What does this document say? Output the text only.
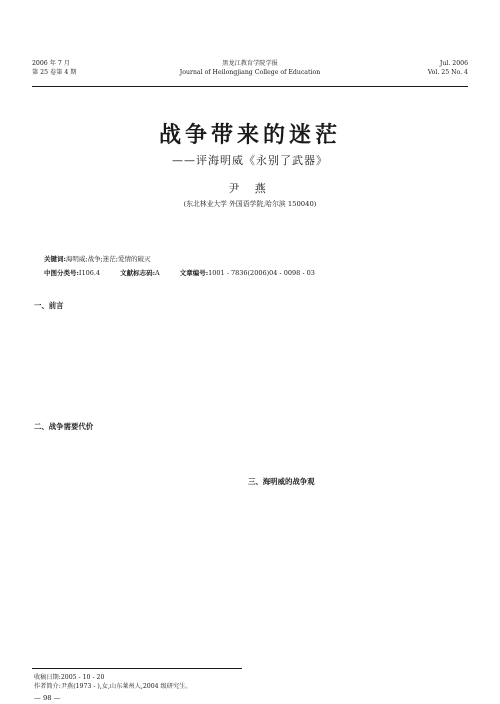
2006 年 7 月
第 25 卷第 4 期
黑龙江教育学院学报
Journal of Heilongjiang College of Education
Jul. 2006
Vol. 25 No. 4
战争带来的迷茫
——评海明威《永别了武器》
尹 燕
(东北林业大学 外国语学院,哈尔滨 150040)
关键词:海明威;战争;迷茫;爱情的破灭
中图分类号:I106.4	文献标志码:A	文章编号:1001 - 7836(2006)04 - 0098 - 03
一、前言
二、战争需要代价
三、海明威的战争观
收稿日期:2005 - 10 - 20
作者简介:尹燕(1973 - ),女,山东莱州人,2004 级研究生。
— 98 —
